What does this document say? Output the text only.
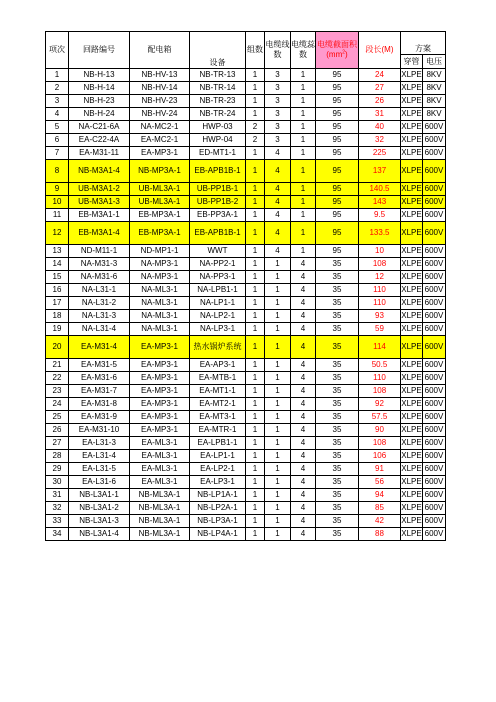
项次	回路编号	配电箱	设备	组数	电缆线数	电缆蕊数	电缆截面积$(mm^2)$	段长(M)	方案	
									穿管	电压
1	NB-H-13	NB-HV-13	NB-TR-13	1	3	1	95	24	XLPE	8KV
2	NB-H-14	NB-HV-14	NB-TR-14	1	3	1	95	27	XLPE	8KV
3	NB-H-23	NB-HV-23	NB-TR-23	1	3	1	95	26	XLPE	8KV
4	NB-H-24	NB-HV-24	NB-TR-24	1	3	1	95	31	XLPE	8KV
5	NA-C21-6A	NA-MC2-1	HWP-03	2	3	1	95	40	XLPE	600V
6	EA-C22-4A	EA-MC2-1	HWP-04	2	3	1	95	32	XLPE	600V
7	EA-M31-11	EA-MP3-1	ED-MT1-1	1	4	1	95	225	XLPE	600V
8	NB-M3A1-4	NB-MP3A-1	EB-APB1B-1	1	4	1	95	137	XLPE	600V
9	UB-M3A1-2	UB-ML3A-1	UB-PP1B-1	1	4	1	95	140.5	XLPE	600V
10	UB-M3A1-3	UB-ML3A-1	UB-PP1B-2	1	4	1	95	143	XLPE	600V
11	EB-M3A1-1	EB-MP3A-1	EB-PP3A-1	1	4	1	95	9.5	XLPE	600V
12	EB-M3A1-4	EB-MP3A-1	EB-APB1B-1	1	4	1	95	133.5	XLPE	600V
13	ND-M11-1	ND-MP1-1	WWT	1	4	1	95	10	XLPE	600V
14	NA-M31-3	NA-MP3-1	NA-PP2-1	1	1	4	35	108	XLPE	600V
15	NA-M31-6	NA-MP3-1	NA-PP3-1	1	1	4	35	12	XLPE	600V
16	NA-L31-1	NA-ML3-1	NA-LPB1-1	1	1	4	35	110	XLPE	600V
17	NA-L31-2	NA-ML3-1	NA-LP1-1	1	1	4	35	110	XLPE	600V
18	NA-L31-3	NA-ML3-1	NA-LP2-1	1	1	4	35	93	XLPE	600V
19	NA-L31-4	NA-ML3-1	NA-LP3-1	1	1	4	35	59	XLPE	600V
20	EA-M31-4	EA-MP3-1	热水锅炉系统	1	1	4	35	114	XLPE	600V
21	EA-M31-5	EA-MP3-1	EA-AP3-1	1	1	4	35	50.5	XLPE	600V
22	EA-M31-6	EA-MP3-1	EA-MTB-1	1	1	4	35	110	XLPE	600V
23	EA-M31-7	EA-MP3-1	EA-MT1-1	1	1	4	35	108	XLPE	600V
24	EA-M31-8	EA-MP3-1	EA-MT2-1	1	1	4	35	92	XLPE	600V
25	EA-M31-9	EA-MP3-1	EA-MT3-1	1	1	4	35	57.5	XLPE	600V
26	EA-M31-10	EA-MP3-1	EA-MTR-1	1	1	4	35	90	XLPE	600V
27	EA-L31-3	EA-ML3-1	EA-LPB1-1	1	1	4	35	108	XLPE	600V
28	EA-L31-4	EA-ML3-1	EA-LP1-1	1	1	4	35	106	XLPE	600V
29	EA-L31-5	EA-ML3-1	EA-LP2-1	1	1	4	35	91	XLPE	600V
30	EA-L31-6	EA-ML3-1	EA-LP3-1	1	1	4	35	56	XLPE	600V
31	NB-L3A1-1	NB-ML3A-1	NB-LP1A-1	1	1	4	35	94	XLPE	600V
32	NB-L3A1-2	NB-ML3A-1	NB-LP2A-1	1	1	4	35	85	XLPE	600V
33	NB-L3A1-3	NB-ML3A-1	NB-LP3A-1	1	1	4	35	42	XLPE	600V
34	NB-L3A1-4	NB-ML3A-1	NB-LP4A-1	1	1	4	35	88	XLPE	600V
